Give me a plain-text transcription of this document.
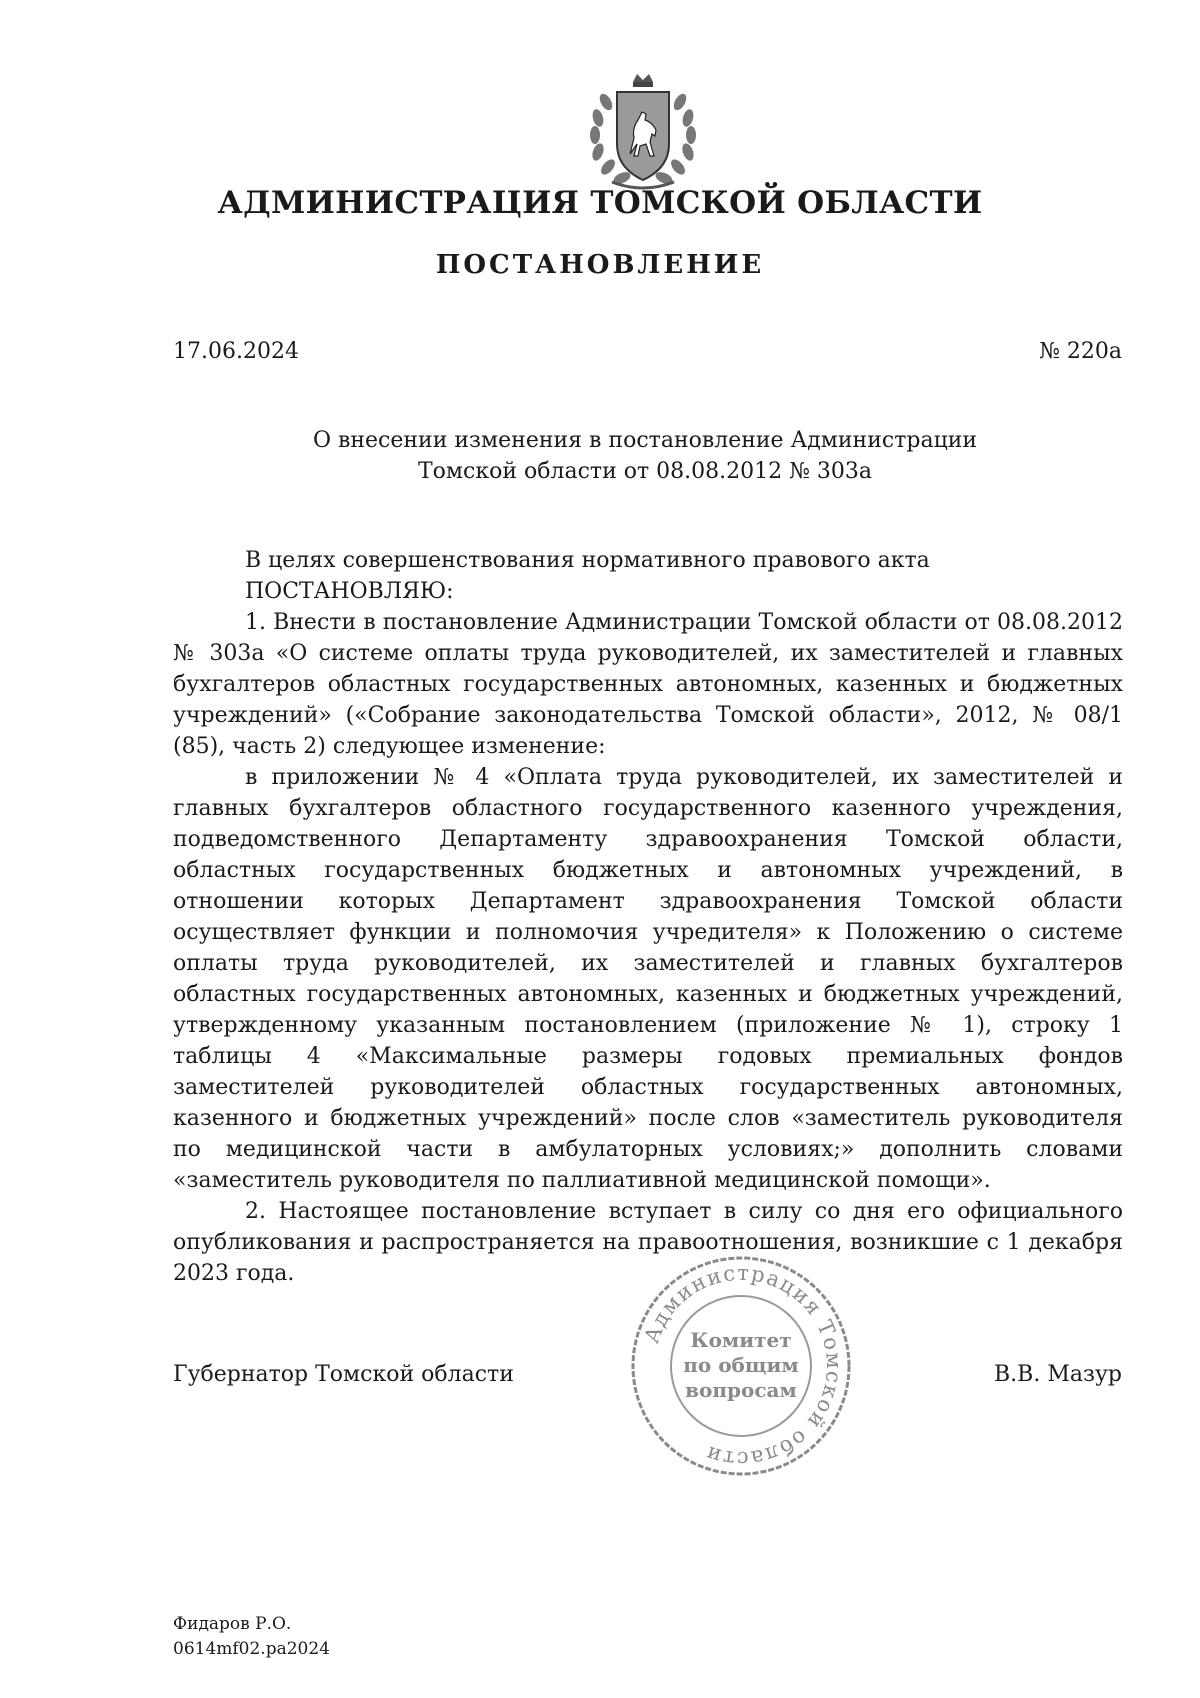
АДМИНИСТРАЦИЯ ТОМСКОЙ ОБЛАСТИ
ПОСТАНОВЛЕНИЕ
17.06.2024	№ 220а
О внесении изменения в постановление Администрации
Томской области от 08.08.2012 № 303а

В целях совершенствования нормативного правового акта

ПОСТАНОВЛЯЮ:

1. Внести в постановление Администрации Томской области от 08.08.2012 № 303а «О системе оплаты труда руководителей, их заместителей и главных бухгалтеров областных государственных автономных, казенных и бюджетных учреждений» («Собрание законодательства Томской области», 2012, № 08/1 (85), часть 2) следующее изменение:

в приложении № 4 «Оплата труда руководителей, их заместителей и главных бухгалтеров областного государственного казенного учреждения, подведомственного Департаменту здравоохранения Томской области, областных государственных бюджетных и автономных учреждений, в отношении которых Департамент здравоохранения Томской области осуществляет функции и полномочия учредителя» к Положению о системе оплаты труда руководителей, их заместителей и главных бухгалтеров областных государственных автономных, казенных и бюджетных учреждений, утвержденному указанным постановлением (приложение № 1), строку 1 таблицы 4 «Максимальные размеры годовых премиальных фондов заместителей руководителей областных государственных автономных, казенного и бюджетных учреждений» после слов «заместитель руководителя по медицинской части в амбулаторных условиях;» дополнить словами «заместитель руководителя по паллиативной медицинской помощи».

2. Настоящее постановление вступает в силу со дня его официального опубликования и распространяется на правоотношения, возникшие с 1 декабря 2023 года.

Губернатор Томской области	В.В. Мазур
Администрация Томской области
Комитет
по общим
вопросам
Фидаров Р.О.
0614mf02.pa2024
